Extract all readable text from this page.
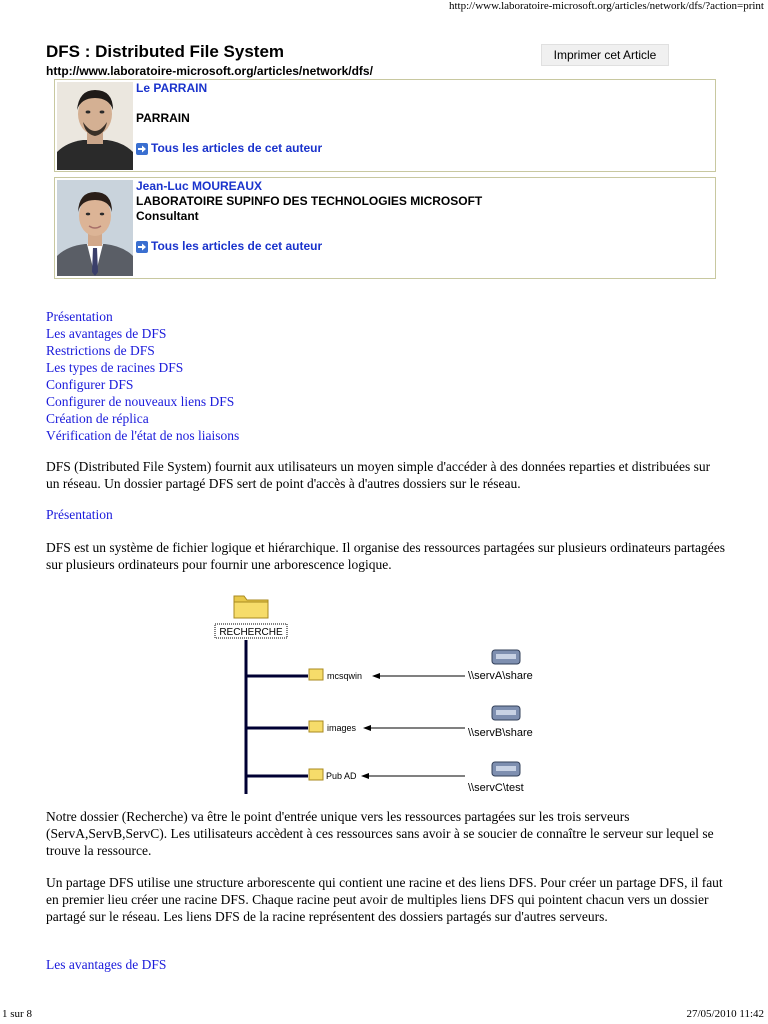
http://www.laboratoire-microsoft.org/articles/network/dfs/?action=print
DFS : Distributed File System
http://www.laboratoire-microsoft.org/articles/network/dfs/
Imprimer cet Article
Le PARRAIN

PARRAIN

Tous les articles de cet auteur
Jean-Luc MOUREAUX
LABORATOIRE SUPINFO DES TECHNOLOGIES MICROSOFT
Consultant

Tous les articles de cet auteur
Présentation
Les avantages de DFS
Restrictions de DFS
Les types de racines DFS
Configurer DFS
Configurer de nouveaux liens DFS
Création de réplica
Vérification de l'état de nos liaisons

DFS (Distributed File System) fournit aux utilisateurs un moyen simple d'accéder à des données reparties et distribuées sur un réseau. Un dossier partagé DFS sert de point d'accès à d'autres dossiers sur le réseau.

Présentation

DFS est un système de fichier logique et hiérarchique. Il organise des ressources partagées sur plusieurs ordinateurs partagées sur plusieurs ordinateurs pour fournir une arborescence logique.

RECHERCHE
mcsqwin	\\servA\share
images	\\servB\share
Pub AD
\\servC\test

Notre dossier (Recherche) va être le point d'entrée unique vers les ressources partagées sur les trois serveurs (ServA,ServB,ServC). Les utilisateurs accèdent à ces ressources sans avoir à se soucier de connaître le serveur sur lequel se trouve la ressource.

Un partage DFS utilise une structure arborescente qui contient une racine et des liens DFS. Pour créer un partage DFS, il faut en premier lieu créer une racine DFS. Chaque racine peut avoir de multiples liens DFS qui pointent chacun vers un dossier partagé sur le réseau. Les liens DFS de la racine représentent des dossiers partagés sur d'autres serveurs.

Les avantages de DFS
1 sur 8	27/05/2010 11:42
